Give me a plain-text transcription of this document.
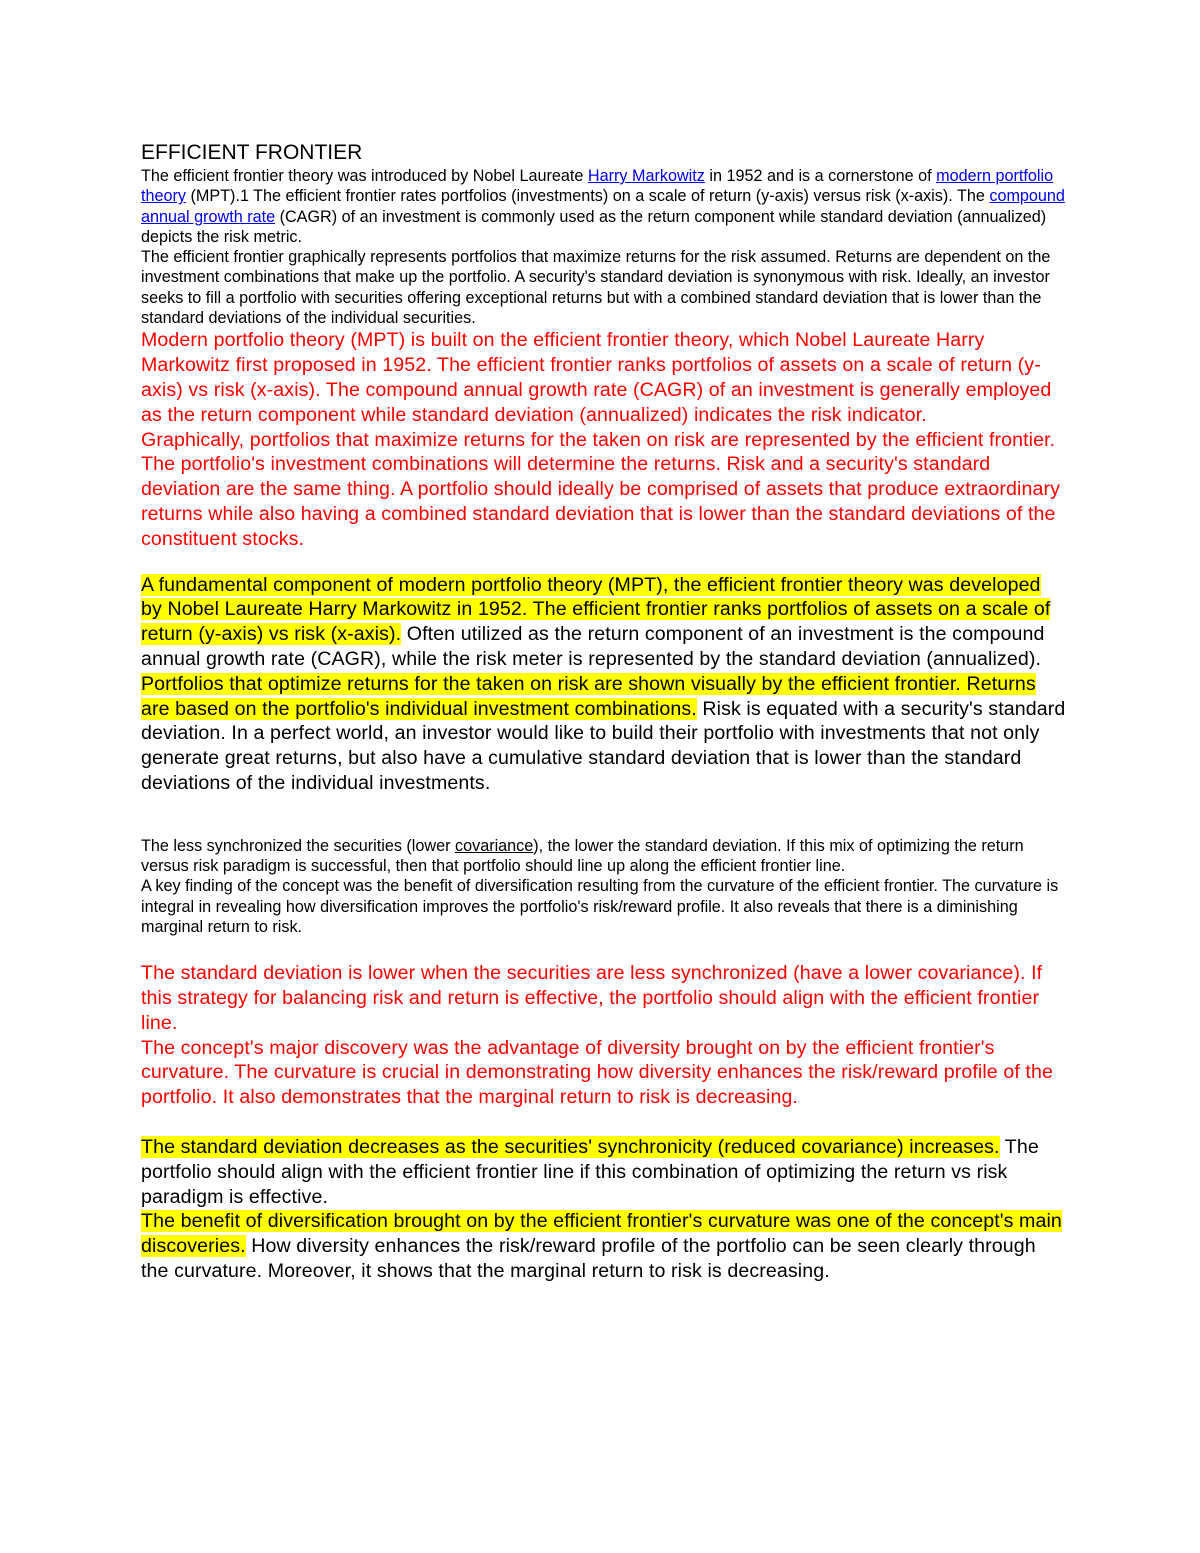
EFFICIENT FRONTIER

The efficient frontier theory was introduced by Nobel Laureate Harry Markowitz in 1952 and is a cornerstone of modern portfolio theory (MPT).1 The efficient frontier rates portfolios (investments) on a scale of return (y-axis) versus risk (x-axis). The compound annual growth rate (CAGR) of an investment is commonly used as the return component while standard deviation (annualized) depicts the risk metric.

The efficient frontier graphically represents portfolios that maximize returns for the risk assumed. Returns are dependent on the investment combinations that make up the portfolio. A security's standard deviation is synonymous with risk. Ideally, an investor seeks to fill a portfolio with securities offering exceptional returns but with a combined standard deviation that is lower than the standard deviations of the individual securities.

Modern portfolio theory (MPT) is built on the efficient frontier theory, which Nobel Laureate Harry Markowitz first proposed in 1952. The efficient frontier ranks portfolios of assets on a scale of return (y-axis) vs risk (x-axis). The compound annual growth rate (CAGR) of an investment is generally employed as the return component while standard deviation (annualized) indicates the risk indicator.

Graphically, portfolios that maximize returns for the taken on risk are represented by the efficient frontier. The portfolio's investment combinations will determine the returns. Risk and a security's standard deviation are the same thing. A portfolio should ideally be comprised of assets that produce extraordinary returns while also having a combined standard deviation that is lower than the standard deviations of the constituent stocks.

A fundamental component of modern portfolio theory (MPT), the efficient frontier theory was developed by Nobel Laureate Harry Markowitz in 1952. The efficient frontier ranks portfolios of assets on a scale of return (y-axis) vs risk (x-axis). Often utilized as the return component of an investment is the compound annual growth rate (CAGR), while the risk meter is represented by the standard deviation (annualized).

Portfolios that optimize returns for the taken on risk are shown visually by the efficient frontier. Returns are based on the portfolio's individual investment combinations. Risk is equated with a security's standard deviation. In a perfect world, an investor would like to build their portfolio with investments that not only generate great returns, but also have a cumulative standard deviation that is lower than the standard deviations of the individual investments.

The less synchronized the securities (lower covariance), the lower the standard deviation. If this mix of optimizing the return versus risk paradigm is successful, then that portfolio should line up along the efficient frontier line.

A key finding of the concept was the benefit of diversification resulting from the curvature of the efficient frontier. The curvature is integral in revealing how diversification improves the portfolio's risk/reward profile. It also reveals that there is a diminishing marginal return to risk.

The standard deviation is lower when the securities are less synchronized (have a lower covariance). If this strategy for balancing risk and return is effective, the portfolio should align with the efficient frontier line.

The concept's major discovery was the advantage of diversity brought on by the efficient frontier's curvature. The curvature is crucial in demonstrating how diversity enhances the risk/reward profile of the portfolio. It also demonstrates that the marginal return to risk is decreasing.

The standard deviation decreases as the securities' synchronicity (reduced covariance) increases. The portfolio should align with the efficient frontier line if this combination of optimizing the return vs risk paradigm is effective.

The benefit of diversification brought on by the efficient frontier's curvature was one of the concept's main discoveries. How diversity enhances the risk/reward profile of the portfolio can be seen clearly through the curvature. Moreover, it shows that the marginal return to risk is decreasing.
